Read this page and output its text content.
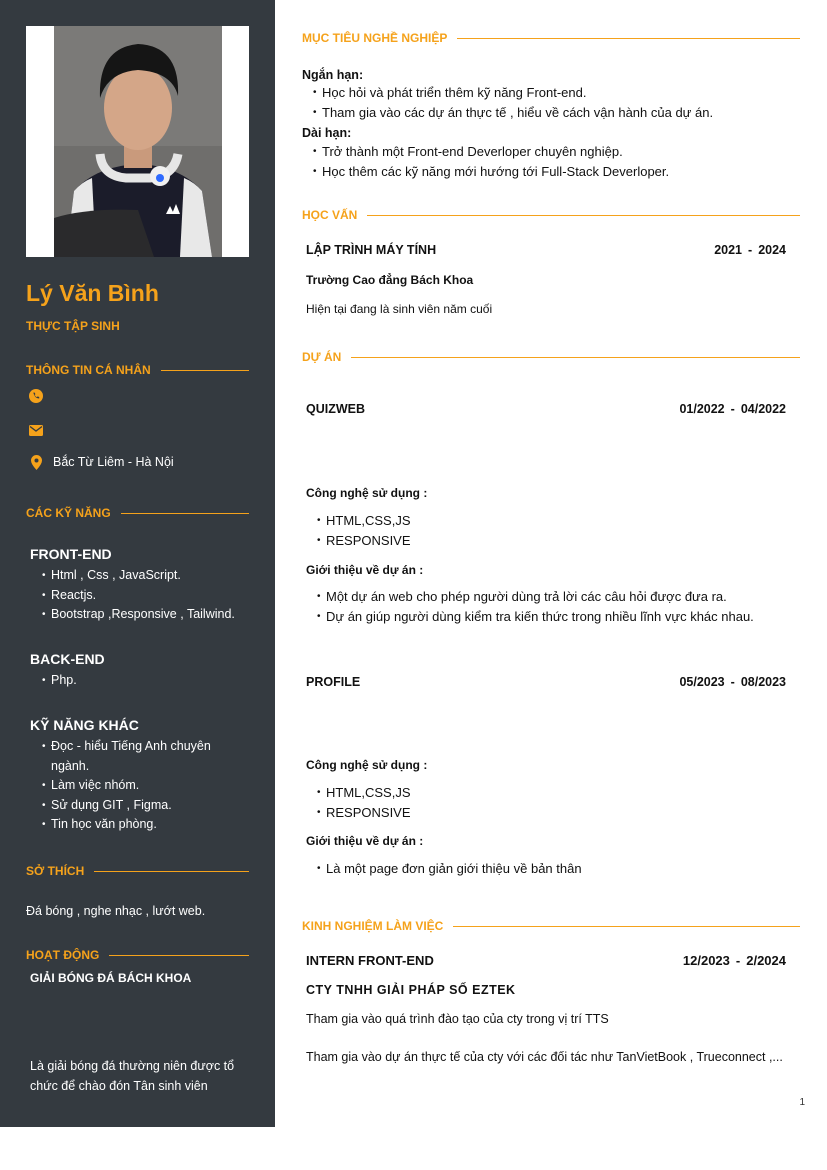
Lý Văn Bình
THỰC TẬP SINH
THÔNG TIN CÁ NHÂN
Bắc Từ Liêm - Hà Nội
CÁC KỸ NĂNG
FRONT-END
• Html , Css , JavaScript.
• Reactjs.
• Bootstrap ,Responsive , Tailwind.
BACK-END
• Php.
KỸ NĂNG KHÁC
• Đọc - hiểu Tiếng Anh chuyên ngành.
• Làm việc nhóm.
• Sử dụng GIT , Figma.
• Tin học văn phòng.
SỞ THÍCH
Đá bóng , nghe nhạc , lướt web.
HOẠT ĐỘNG
GIẢI BÓNG ĐÁ BÁCH KHOA
Là giải bóng đá thường niên được tổ chức để chào đón Tân sinh viên
MỤC TIÊU NGHỀ NGHIỆP
Ngắn hạn:
• Học hỏi và phát triển thêm kỹ năng Front-end.
• Tham gia vào các dự án thực tế , hiểu về cách vận hành của dự án.
Dài hạn:
• Trở thành một Front-end Deverloper chuyên nghiệp.
• Học thêm các kỹ năng mới hướng tới Full-Stack Deverloper.
HỌC VẤN
LẬP TRÌNH MÁY TÍNH	2021 - 2024
Trường Cao đẳng Bách Khoa
Hiện tại đang là sinh viên năm cuối
DỰ ÁN
QUIZWEB	01/2022 - 04/2022
Công nghệ sử dụng :
• HTML,CSS,JS
• RESPONSIVE
Giới thiệu về dự án :
• Một dự án web cho phép người dùng trả lời các câu hỏi được đưa ra.
• Dự án giúp người dùng kiểm tra kiến thức trong nhiều lĩnh vực khác nhau.
PROFILE	05/2023 - 08/2023
Công nghệ sử dụng :
• HTML,CSS,JS
• RESPONSIVE
Giới thiệu về dự án :
• Là một page đơn giản giới thiệu về bản thân
KINH NGHIỆM LÀM VIỆC
INTERN FRONT-END	12/2023 - 2/2024
CTY TNHH GIẢI PHÁP SỐ EZTEK
Tham gia vào quá trình đào tạo của cty trong vị trí TTS
Tham gia vào dự án thực tế của cty với các đối tác như TanVietBook , Trueconnect ,...
1
